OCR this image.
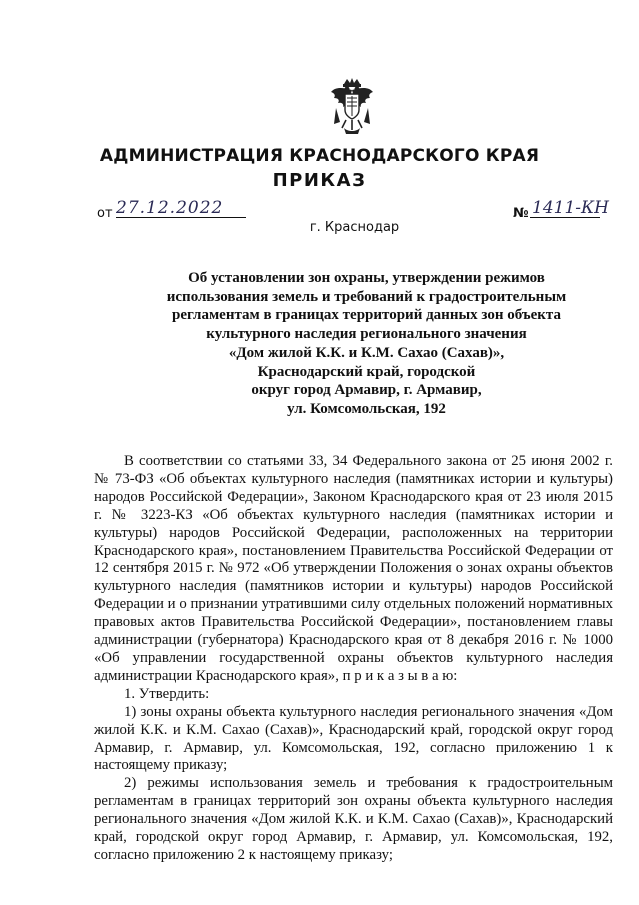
АДМИНИСТРАЦИЯ КРАСНОДАРСКОГО КРАЯ
ПРИКАЗ
от 27.12.2022	№ 1411-КН
г. Краснодар
Об установлении зон охраны, утверждении режимов
использования земель и требований к градостроительным
регламентам в границах территорий данных зон объекта
культурного наследия регионального значения
«Дом жилой К.К. и К.М. Сахао (Сахав)»,
Краснодарский край, городской
округ город Армавир, г. Армавир,
ул. Комсомольская, 192

В соответствии со статьями 33, 34 Федерального закона от 25 июня 2002 г. № 73-ФЗ «Об объектах культурного наследия (памятниках истории и культуры) народов Российской Федерации», Законом Краснодарского края от 23 июля 2015 г. № 3223-КЗ «Об объектах культурного наследия (памятниках истории и культуры) народов Российской Федерации, расположенных на территории Краснодарского края», постановлением Правительства Российской Федерации от 12 сентября 2015 г. № 972 «Об утверждении Положения о зонах охраны объектов культурного наследия (памятников истории и культуры) народов Российской Федерации и о признании утратившими силу отдельных положений нормативных правовых актов Правительства Российской Федерации», постановлением главы администрации (губернатора) Краснодарского края от 8 декабря 2016 г. № 1000 «Об управлении государственной охраны объектов культурного наследия администрации Краснодарского края», п р и к а з ы в а ю:

1. Утвердить:

1) зоны охраны объекта культурного наследия регионального значения «Дом жилой К.К. и К.М. Сахао (Сахав)», Краснодарский край, городской округ город Армавир, г. Армавир, ул. Комсомольская, 192, согласно приложению 1 к настоящему приказу;

2) режимы использования земель и требования к градостроительным регламентам в границах территорий зон охраны объекта культурного наследия регионального значения «Дом жилой К.К. и К.М. Сахао (Сахав)», Краснодарский край, городской округ город Армавир, г. Армавир, ул. Комсомольская, 192, согласно приложению 2 к настоящему приказу;
